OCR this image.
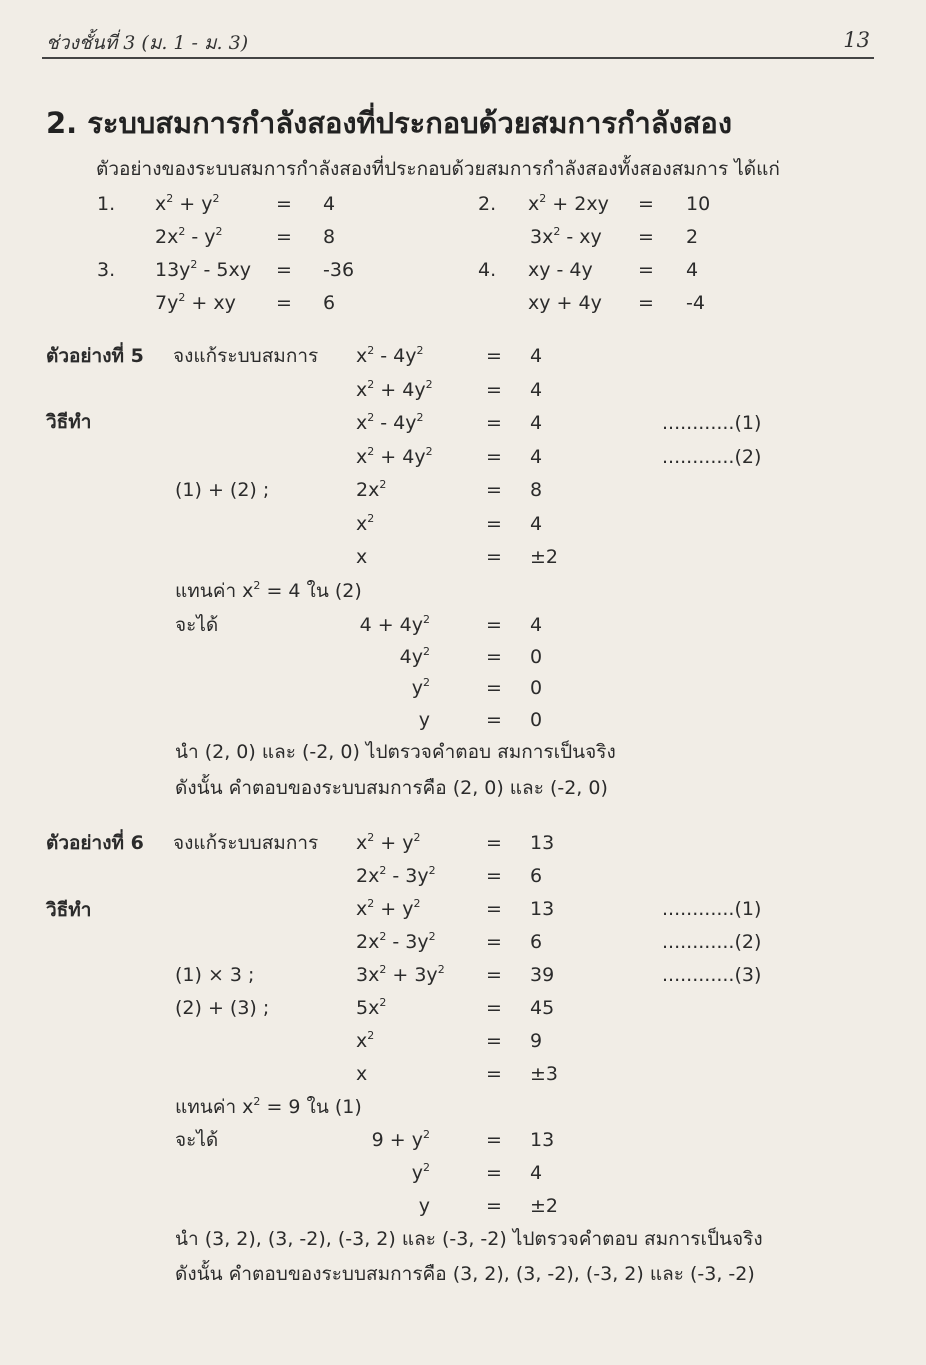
ช่วงชั้นที่ 3 (ม. 1 - ม. 3)	13
2. ระบบสมการกำลังสองที่ประกอบด้วยสมการกำลังสอง
ตัวอย่างของระบบสมการกำลังสองที่ประกอบด้วยสมการกำลังสองทั้งสองสมการ ได้แก่
1. $x^2 + y^2$	= 4
$2x^2 - y^2$	= 8
2. $x^2 + 2xy = 10$
$3x^2$ - xy = 2
3. $13y^2 - 5xy = -36$
$7y^2$ + xy = 6
4. xy - 4y = 4
xy + 4y = -4
ตัวอย่างที่ 5 จงแก้ระบบสมการ
วิธีทำ
$x^2 - 4y^2$	= 4
$x^2 + 4y^2$	= 4
$x^2 - 4y^2$	= 4	............(1)
$x^2 + 4y^2$	= 4	............(2)
(1) + (2) ;	$2x^2$	= 8
$x^2$	= 4
x	= ±2
แทนค่า $x^2 = 4$ ใน (2)
จะได้	$4 + 4y^2$	= 4
$4y^2$	= 0
$y^2$	= 0
y	= 0
นำ (2, 0) และ (-2, 0) ไปตรวจคำตอบ สมการเป็นจริง
ดังนั้น คำตอบของระบบสมการคือ (2, 0) และ (-2, 0)
ตัวอย่างที่ 6 จงแก้ระบบสมการ
วิธีทำ
$x^2 + y^2$	= 13
$2x^2 - 3y^2$	= 6
$x^2 + y^2$	= 13	............(1)
$2x^2 - 3y^2$	= 6	............(2)
(1) × 3 ;	$3x^2 + 3y^2 = 39$	............(3)
(2) + (3) ;	$5x^2$	= 45
$x^2$	= 9
x	= ±3
แทนค่า $x^2 = 9$ ใน (1)
จะได้	$9 + y^2$	= 13
$y^2$	= 4
y	= ±2
นำ (3, 2), (3, -2), (-3, 2) และ (-3, -2) ไปตรวจคำตอบ สมการเป็นจริง
ดังนั้น คำตอบของระบบสมการคือ (3, 2), (3, -2), (-3, 2) และ (-3, -2)
